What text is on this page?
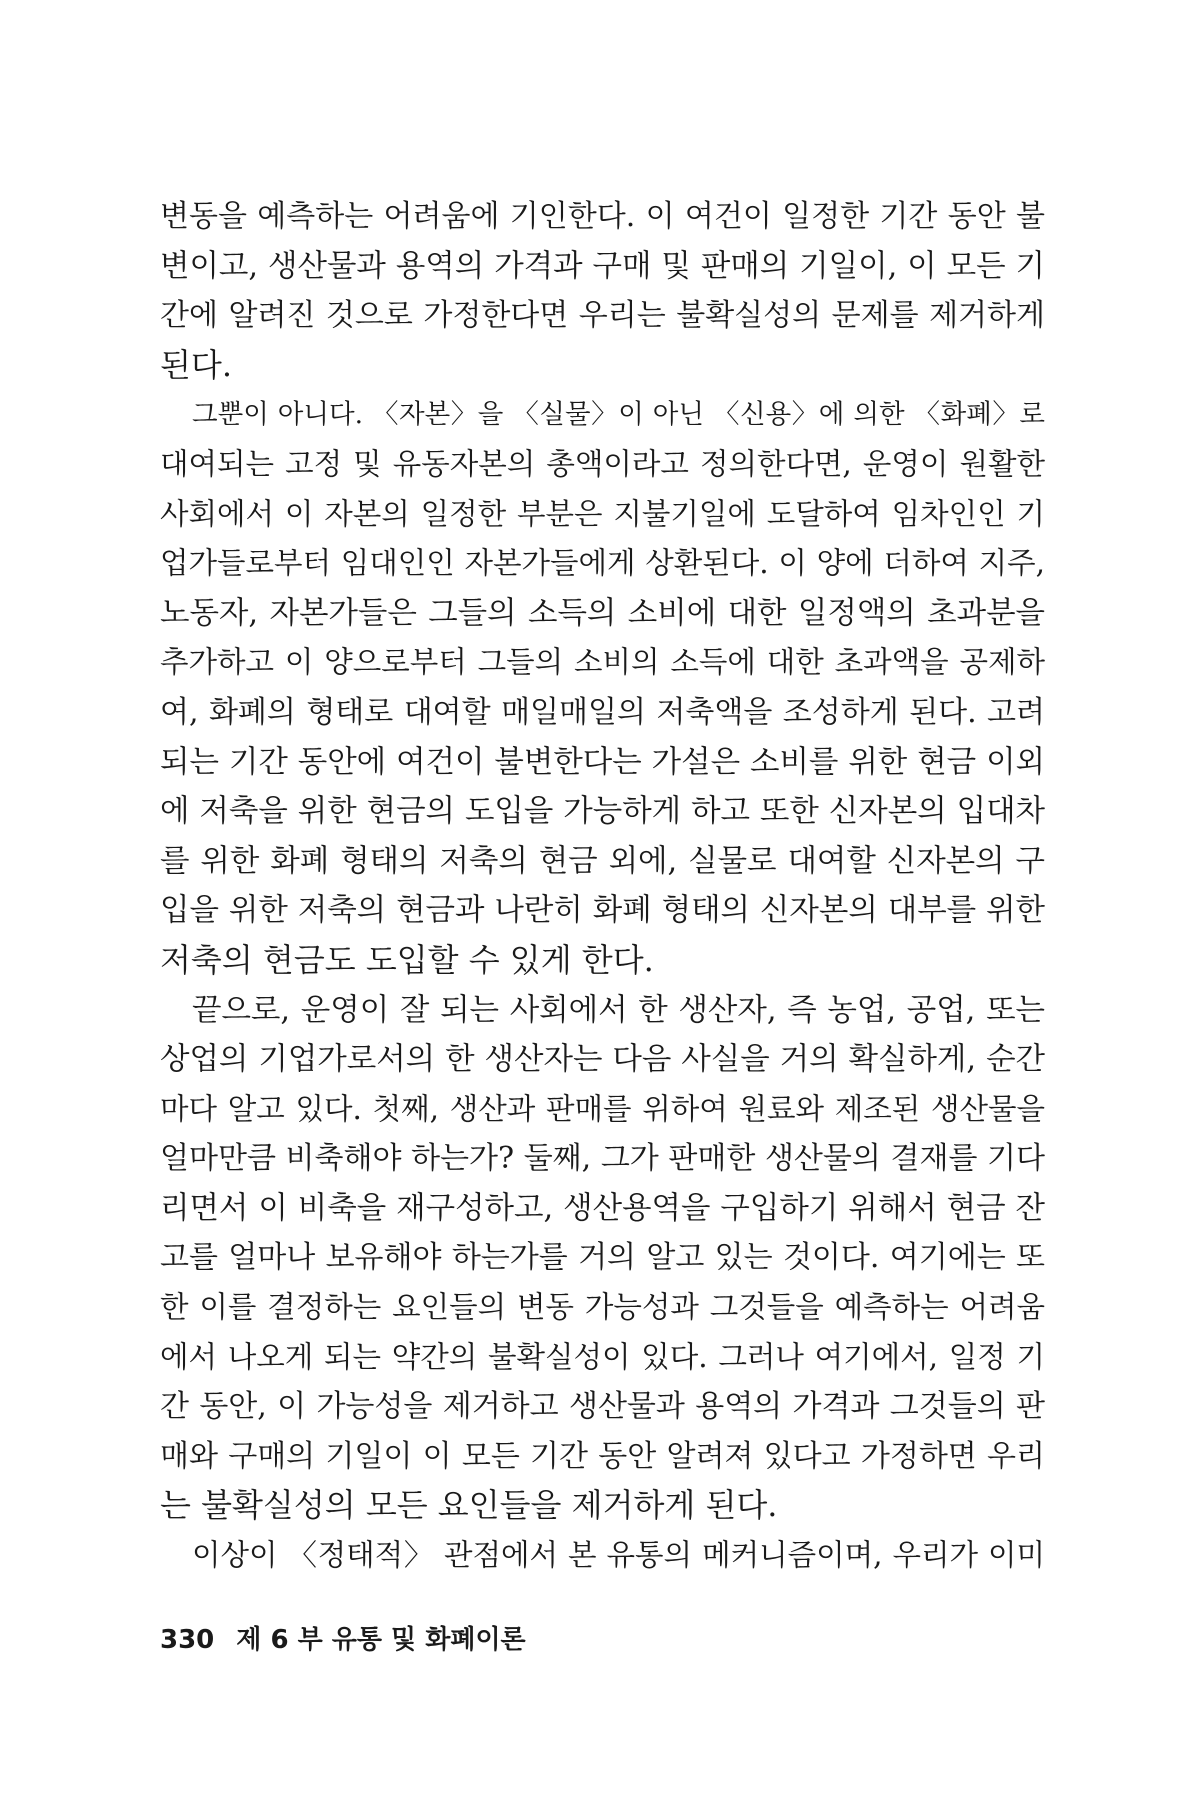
변동을 예측하는 어려움에 기인한다. 이 여건이 일정한 기간 동안 불
변이고, 생산물과 용역의 가격과 구매 및 판매의 기일이, 이 모든 기
간에 알려진 것으로 가정한다면 우리는 불확실성의 문제를 제거하게
된다.
그뿐이 아니다. 〈자본〉을 〈실물〉이 아닌 〈신용〉에 의한 〈화폐〉로
대여되는 고정 및 유동자본의 총액이라고 정의한다면, 운영이 원활한
사회에서 이 자본의 일정한 부분은 지불기일에 도달하여 임차인인 기
업가들로부터 임대인인 자본가들에게 상환된다. 이 양에 더하여 지주,
노동자, 자본가들은 그들의 소득의 소비에 대한 일정액의 초과분을
추가하고 이 양으로부터 그들의 소비의 소득에 대한 초과액을 공제하
여, 화폐의 형태로 대여할 매일매일의 저축액을 조성하게 된다. 고려
되는 기간 동안에 여건이 불변한다는 가설은 소비를 위한 현금 이외
에 저축을 위한 현금의 도입을 가능하게 하고 또한 신자본의 입대차
를 위한 화폐 형태의 저축의 현금 외에, 실물로 대여할 신자본의 구
입을 위한 저축의 현금과 나란히 화폐 형태의 신자본의 대부를 위한
저축의 현금도 도입할 수 있게 한다.
끝으로, 운영이 잘 되는 사회에서 한 생산자, 즉 농업, 공업, 또는
상업의 기업가로서의 한 생산자는 다음 사실을 거의 확실하게, 순간
마다 알고 있다. 첫째, 생산과 판매를 위하여 원료와 제조된 생산물을
얼마만큼 비축해야 하는가? 둘째, 그가 판매한 생산물의 결재를 기다
리면서 이 비축을 재구성하고, 생산용역을 구입하기 위해서 현금 잔
고를 얼마나 보유해야 하는가를 거의 알고 있는 것이다. 여기에는 또
한 이를 결정하는 요인들의 변동 가능성과 그것들을 예측하는 어려움
에서 나오게 되는 약간의 불확실성이 있다. 그러나 여기에서, 일정 기
간 동안, 이 가능성을 제거하고 생산물과 용역의 가격과 그것들의 판
매와 구매의 기일이 이 모든 기간 동안 알려져 있다고 가정하면 우리
는 불확실성의 모든 요인들을 제거하게 된다.
이상이 〈정태적〉 관점에서 본 유통의 메커니즘이며, 우리가 이미
330 제 6 부 유통 및 화폐이론
